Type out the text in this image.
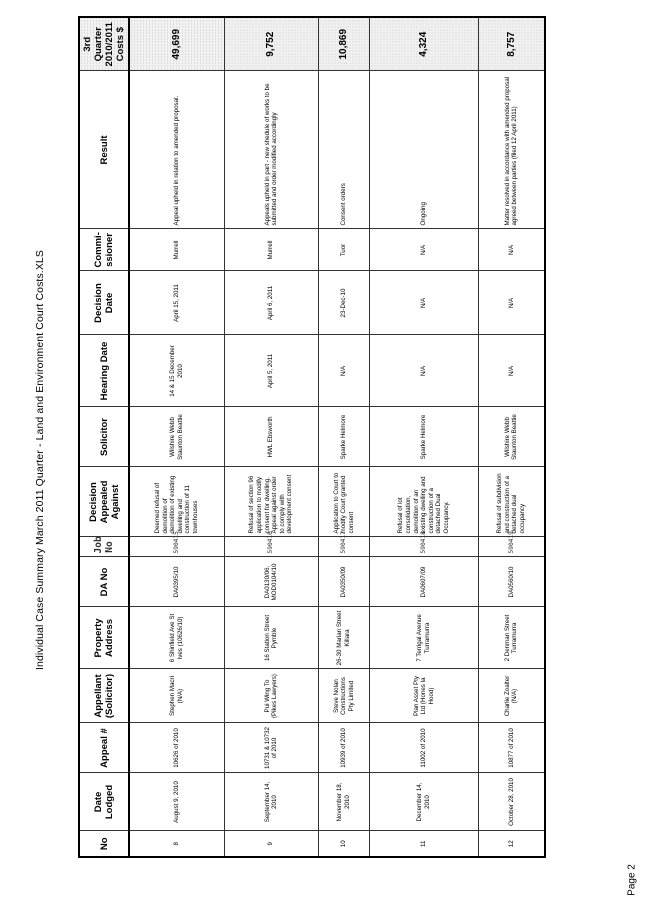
Individual Case Summary March 2011 Quarter - Land and Environment Court Costs.XLS
No	Date Lodged	Appeal #	Appellant (Solicitor)	Property Address	DA No	Job No	Decision Appealed Against	Solicitor	Hearing Date	Decision Date	Commi-ssioner	Result	3rd Quarter 2010/2011 Costs $
8	August 9, 2010	10626 of 2010	Stephen Macri (N/A)	6 Shinfield Ave St Ives (10626/10)	DA0395/10	590415	Deemed refusal of demolition of demolition of existing dwelling and construction of 11 townhouses	Wilshire Webb Staunton Beattie	14 & 15 December 2010	April 15, 2011	Murrell	Appeal upheld in relation to amended proposal.	49,699
9	September 14, 2010	10731 & 10732 of 2010	Pui Wing To (Pikes Lawyers)	16 Station Street Pymble	DA0130/06, MOD0104/10	590416	Refusal of section 96 application to modify consent for dwelling. Appeal against order to comply with development consent	HWL Ebsworth	April 5, 2011	April 6, 2011	Murrell	Appeals upheld in part - new shedule of works to be submitted and order modified accordingly	9,752
10	November 18, 2010	10939 of 2010	Steve Nolan Constructions Pty Limited	26-30 Marian Street Killara	DA0350/09	590417	Application to Court to modify Court granted consent	Sparke Helmore	N/A	23-Dec-10	Tuor	Consent orders	10,869
11	December 14, 2010	11002 of 2010	Plan Asset Pty Ltd (Hones la Hood)	7 Terrigal Avenue Turramurra	DA0607/09	590418	Refusal of lot consolidation, demolition of an existing dwelling and construction of a detached Dual Occupancy.	Sparke Helmore	N/A	N/A	N/A	Ongoing	4,324
12	October 28, 2010	10877 of 2010	Charlie Zoalter (N/A)	2 Denman Street Turramurra	DA0560/10	590419	Refusal of subdivision and construction of a detached dual occupancy	Wilshire Webb Staunton Beattie	N/A	N/A	N/A	Matter resolved in accordance with amended proposal agreed between parties (filed 12 April 2011)	8,757
Page 2
